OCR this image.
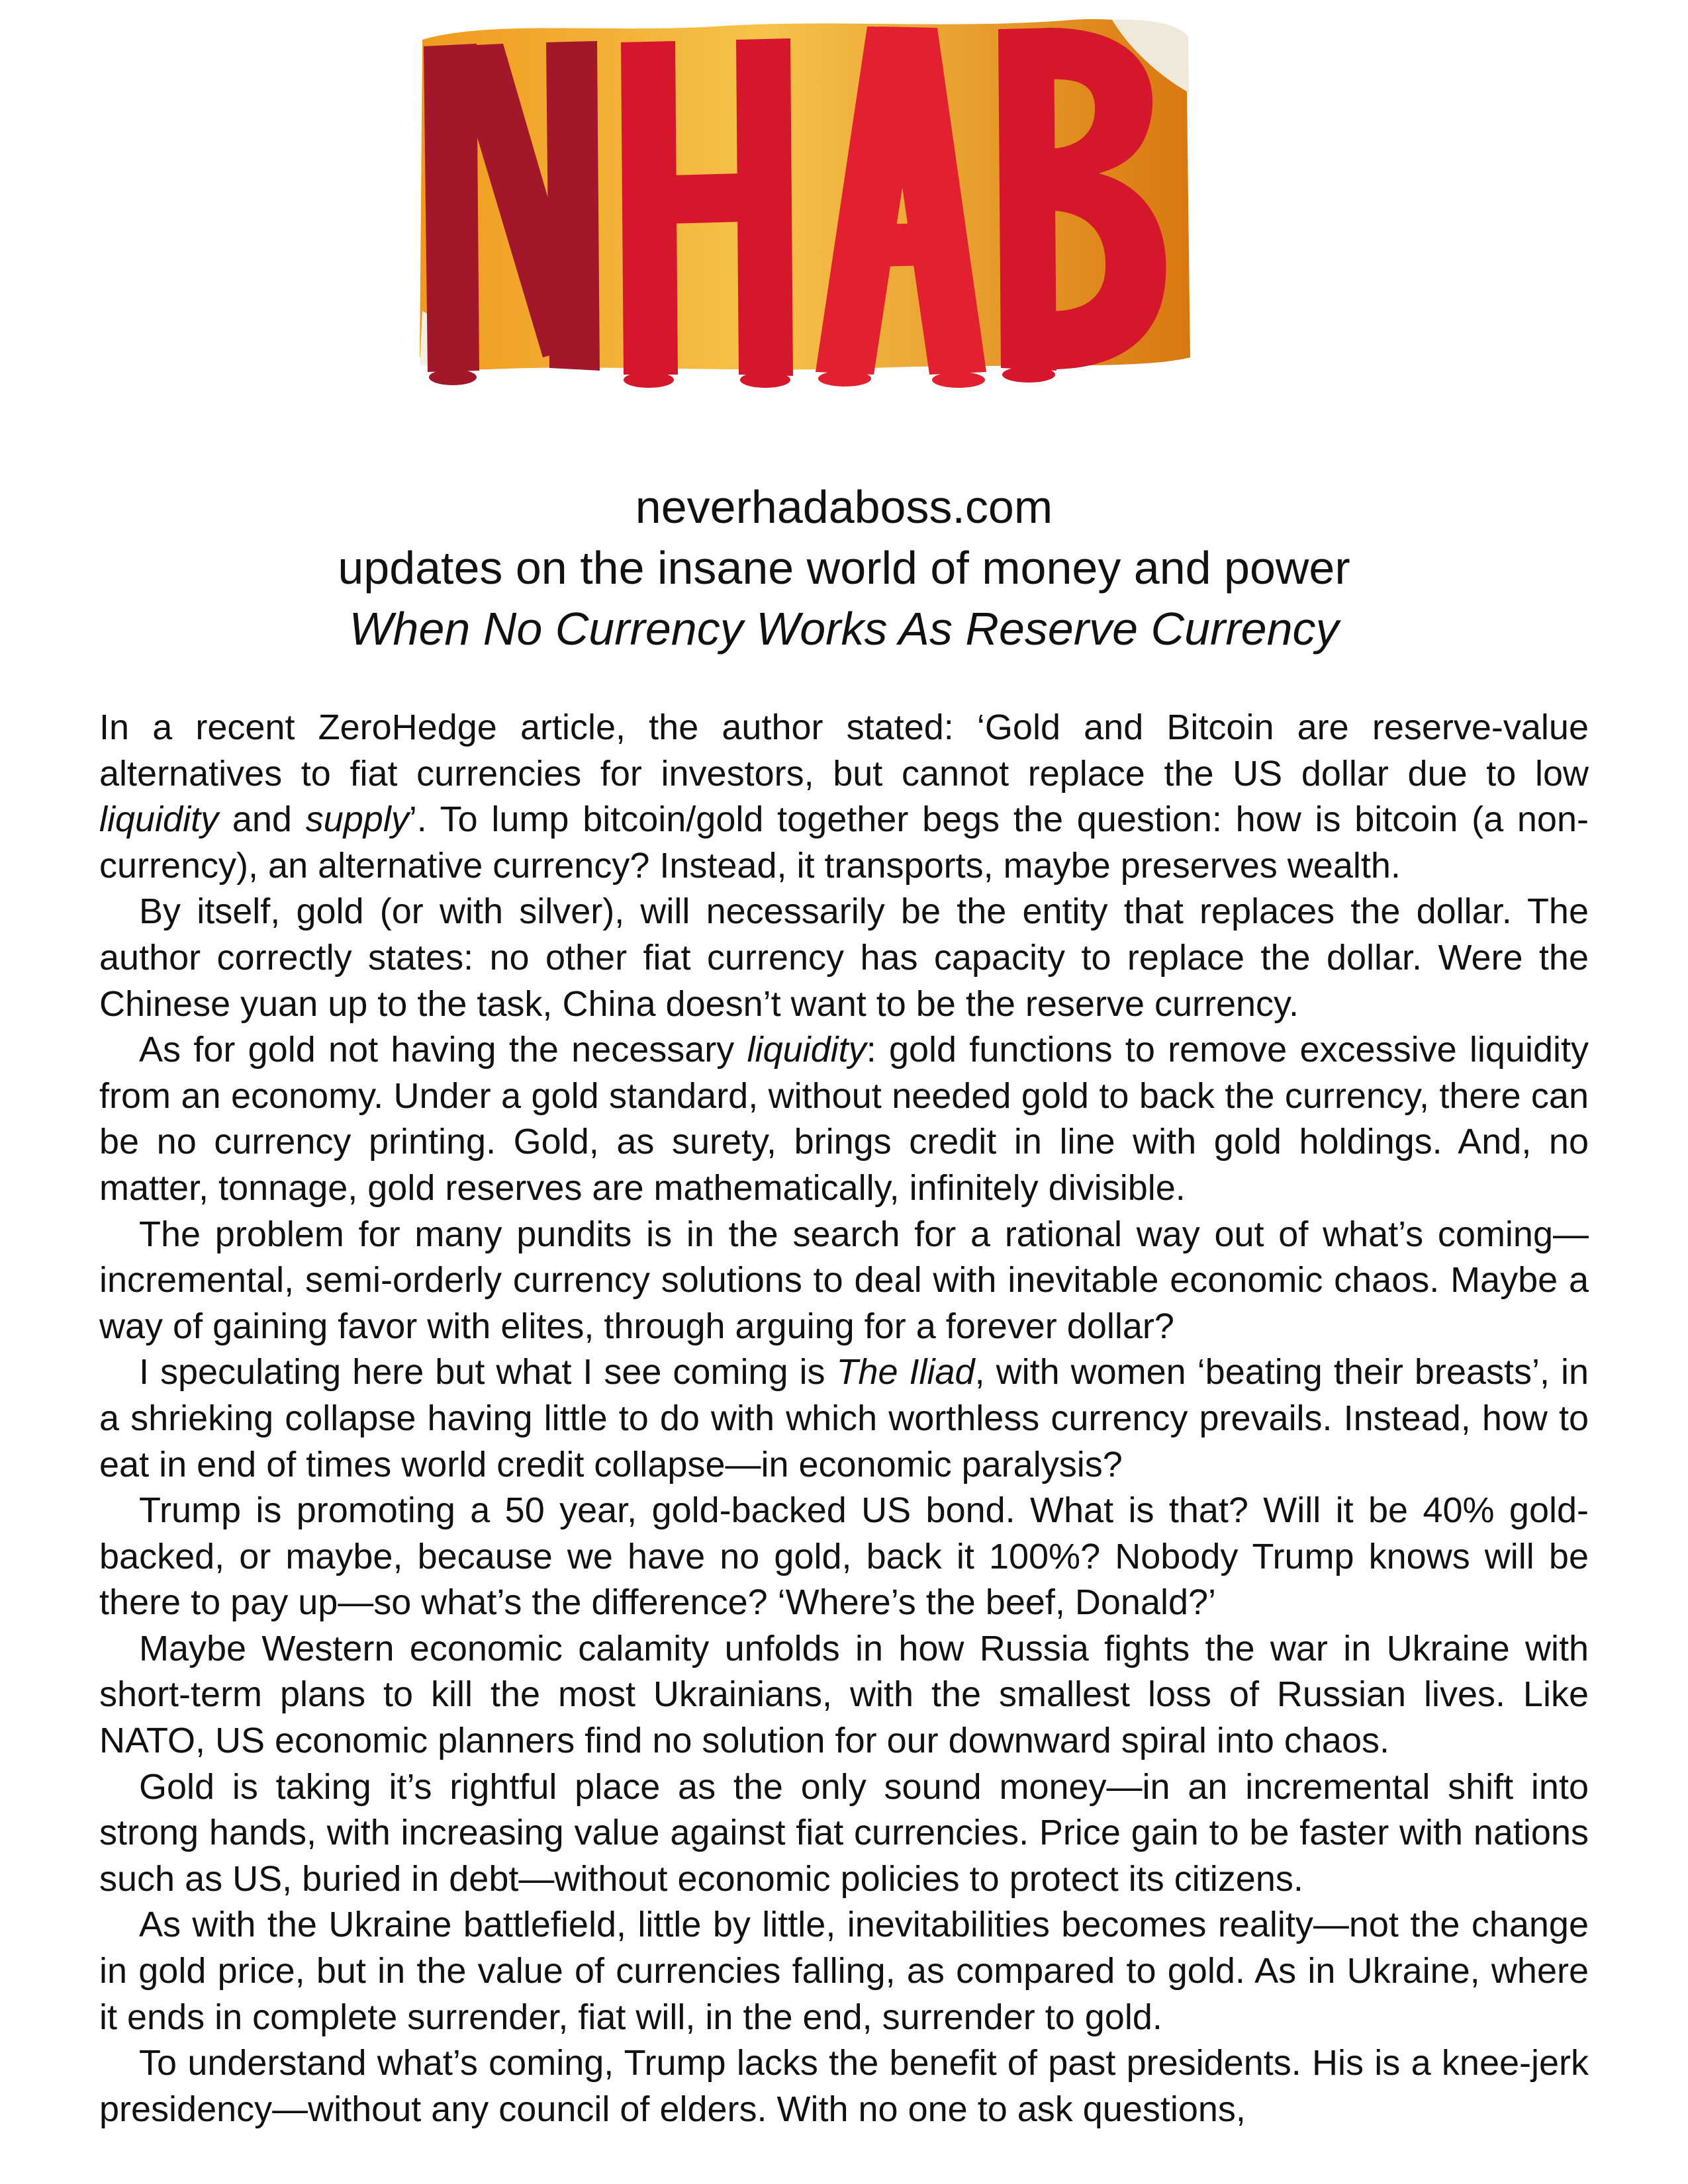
neverhadaboss.com
updates on the insane world of money and power
When No Currency Works As Reserve Currency

In a recent ZeroHedge article, the author stated: ‘Gold and Bitcoin are reserve-value alternatives to fiat currencies for investors, but cannot replace the US dollar due to low liquidity and supply’. To lump bitcoin/gold together begs the question: how is bitcoin (a non-currency), an alternative currency? Instead, it transports, maybe preserves wealth.

By itself, gold (or with silver), will necessarily be the entity that replaces the dollar. The author correctly states: no other fiat currency has capacity to replace the dollar. Were the Chinese yuan up to the task, China doesn’t want to be the reserve currency.

As for gold not having the necessary liquidity: gold functions to remove excessive liquidity from an economy. Under a gold standard, without needed gold to back the currency, there can be no currency printing. Gold, as surety, brings credit in line with gold holdings. And, no matter, tonnage, gold reserves are mathematically, infinitely divisible.

The problem for many pundits is in the search for a rational way out of what’s coming—incremental, semi-orderly currency solutions to deal with inevitable economic chaos. Maybe a way of gaining favor with elites, through arguing for a forever dollar?

I speculating here but what I see coming is The Iliad, with women ‘beating their breasts’, in a shrieking collapse having little to do with which worthless currency prevails. Instead, how to eat in end of times world credit collapse—in economic paralysis?

Trump is promoting a 50 year, gold-backed US bond. What is that? Will it be 40% gold-backed, or maybe, because we have no gold, back it 100%? Nobody Trump knows will be there to pay up—so what’s the difference? ‘Where’s the beef, Donald?’

Maybe Western economic calamity unfolds in how Russia fights the war in Ukraine with short-term plans to kill the most Ukrainians, with the smallest loss of Russian lives. Like NATO, US economic planners find no solution for our downward spiral into chaos.

Gold is taking it’s rightful place as the only sound money—in an incremental shift into strong hands, with increasing value against fiat currencies. Price gain to be faster with nations such as US, buried in debt—without economic policies to protect its citizens.

As with the Ukraine battlefield, little by little, inevitabilities becomes reality—not the change in gold price, but in the value of currencies falling, as compared to gold. As in Ukraine, where it ends in complete surrender, fiat will, in the end, surrender to gold.

To understand what’s coming, Trump lacks the benefit of past presidents. His is a knee-jerk presidency—without any council of elders. With no one to ask questions,
